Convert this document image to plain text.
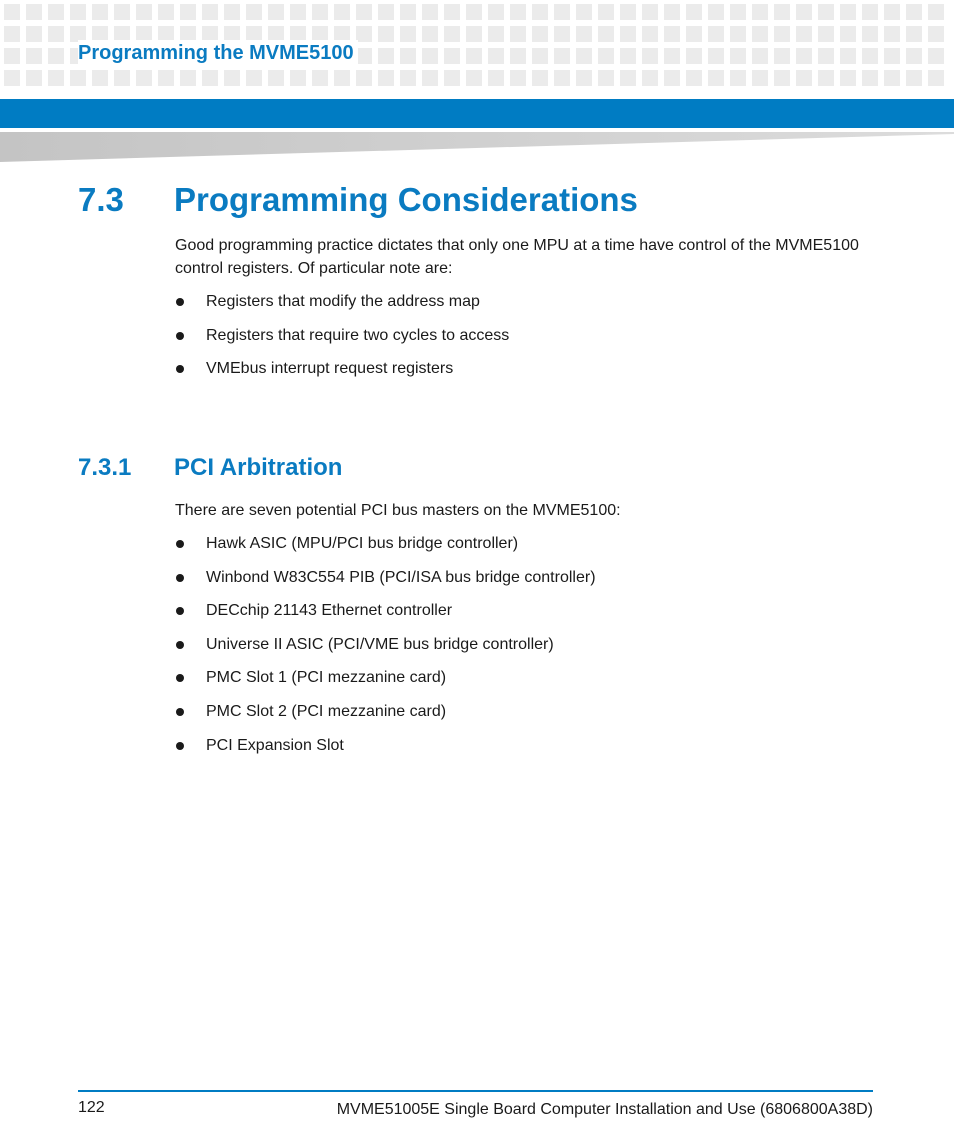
Programming the MVME5100
7.3 Programming Considerations

Good programming practice dictates that only one MPU at a time have control of the MVME5100 control registers. Of particular note are:

Registers that modify the address map
Registers that require two cycles to access
VMEbus interrupt request registers
7.3.1 PCI Arbitration

There are seven potential PCI bus masters on the MVME5100:

Hawk ASIC (MPU/PCI bus bridge controller)
Winbond W83C554 PIB (PCI/ISA bus bridge controller)
DECchip 21143 Ethernet controller
Universe II ASIC (PCI/VME bus bridge controller)
PMC Slot 1 (PCI mezzanine card)
PMC Slot 2 (PCI mezzanine card)
PCI Expansion Slot
122	MVME51005E Single Board Computer Installation and Use (6806800A38D)
